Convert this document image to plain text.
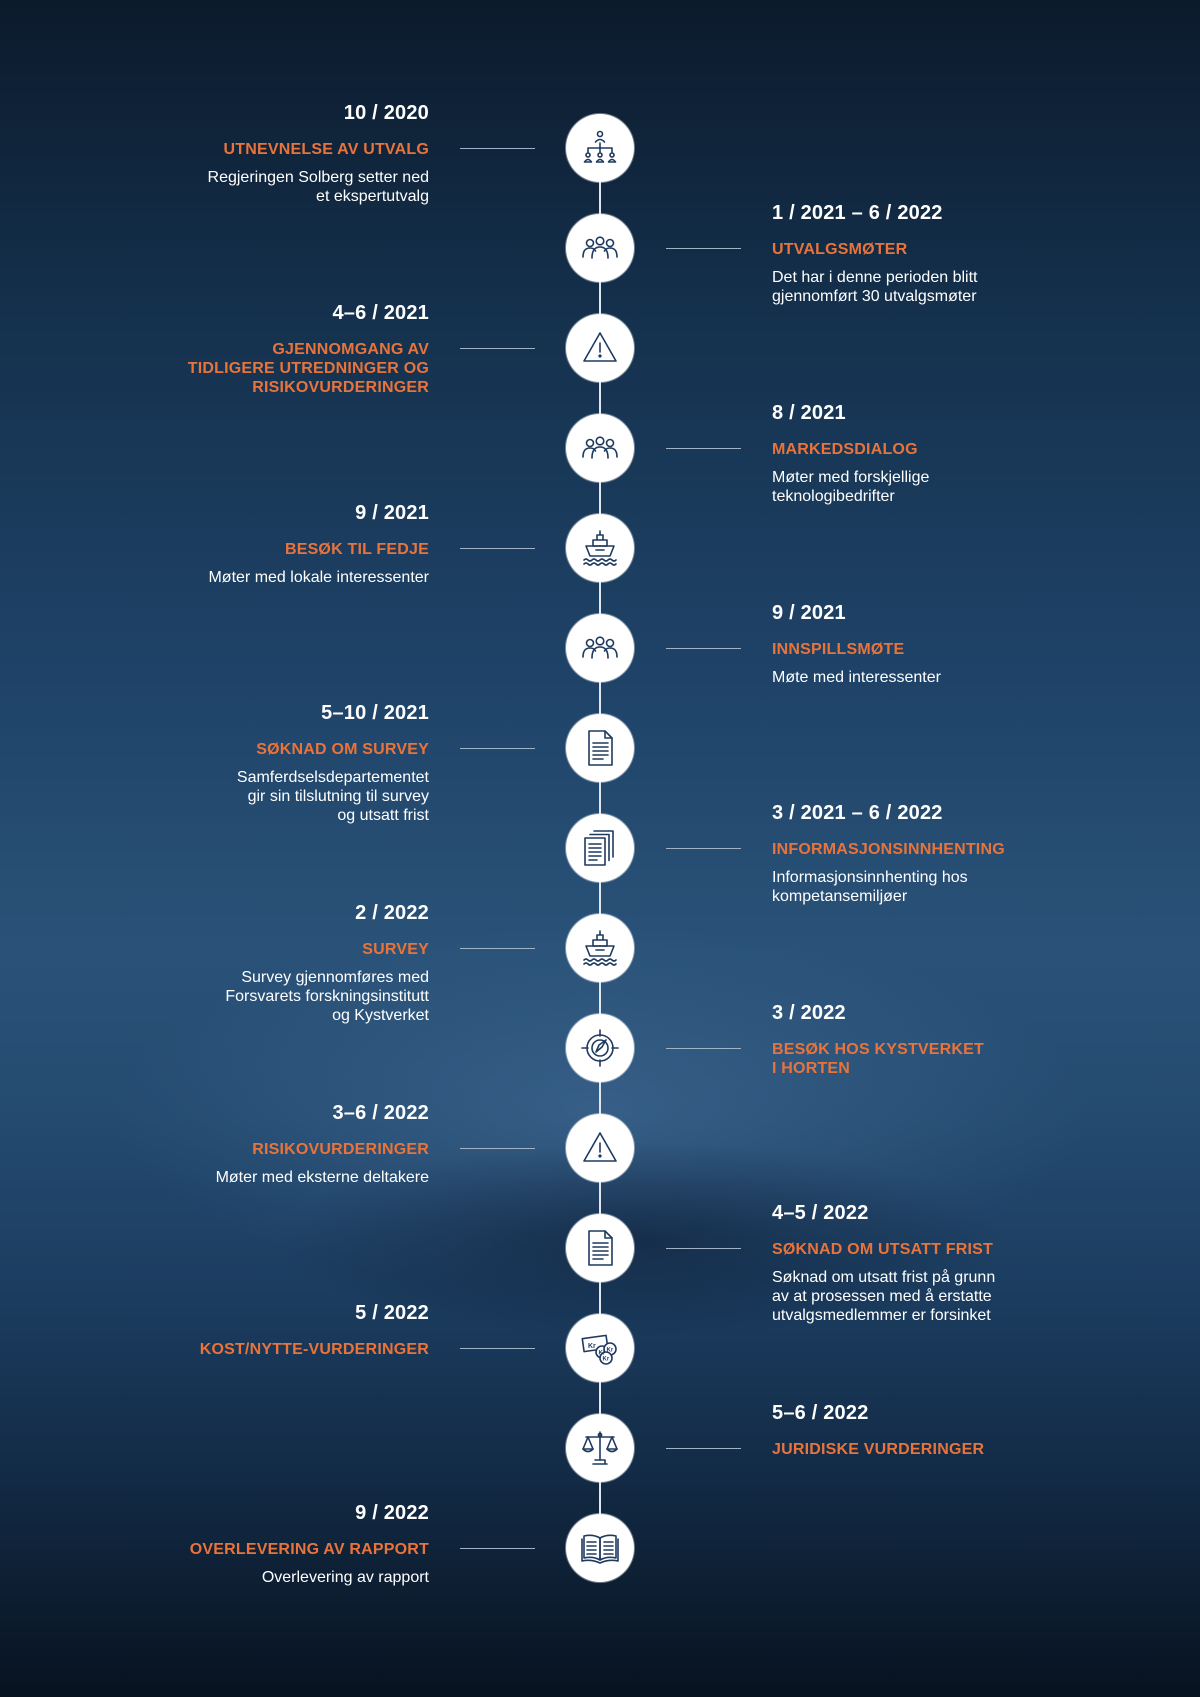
10 / 2020
UTNEVNELSE AV UTVALG
Regjeringen Solberg setter ned
et ekspertutvalg
1 / 2021 – 6 / 2022
UTVALGSMØTER
Det har i denne perioden blitt
gjennomført 30 utvalgsmøter
4–6 / 2021
GJENNOMGANG AV
TIDLIGERE UTREDNINGER OG
RISIKOVURDERINGER
8 / 2021
MARKEDSDIALOG
Møter med forskjellige
teknologibedrifter
9 / 2021
BESØK TIL FEDJE
Møter med lokale interessenter
9 / 2021
INNSPILLSMØTE
Møte med interessenter
5–10 / 2021
SØKNAD OM SURVEY
Samferdselsdepartementet
gir sin tilslutning til survey
og utsatt frist	3 / 2021 – 6 / 2022
INFORMASJONSINNHENTING
Informasjonsinnhenting hos
kompetansemiljøer
2 / 2022
SURVEY
Survey gjennomføres med
Forsvarets forskningsinstitutt
og Kystverket	3 / 2022
BESØK HOS KYSTVERKET
I HORTEN
3–6 / 2022
RISIKOVURDERINGER
Møter med eksterne deltakere
4–5 / 2022
SØKNAD OM UTSATT FRIST
Søknad om utsatt frist på grunn
av at prosessen med å erstatte
utvalgsmedlemmer er forsinket
Kr
Kr Kr
Kr
5 / 2022
KOST/NYTTE-VURDERINGER
5–6 / 2022
JURIDISKE VURDERINGER
9 / 2022
OVERLEVERING AV RAPPORT
Overlevering av rapport
